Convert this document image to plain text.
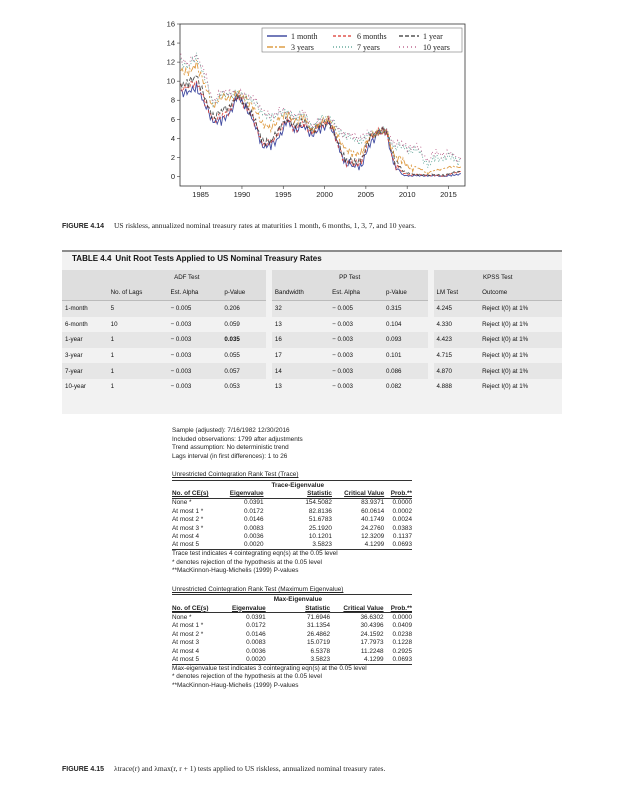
0
2
4
6
8
10
12
14
16
1985	1990	1995	2000	2005	2010	2015
1 month	6 months	1 year
3 years	7 years	10 years
FIGURE 4.14 US riskless, annualized nominal treasury rates at maturities 1 month, 6 months, 1, 3, 7, and 10 years.
TABLE 4.4 Unit Root Tests Applied to US Nominal Treasury Rates
	ADF Test			PP Test			KPSS Test	
	No. of Lags	Est. Alpha	p-Value	Bandwidth	Est. Alpha	p-Value	LM Test	Outcome
1-month	5	− 0.005	0.206	32	− 0.005	0.315	4.245	Reject I(0) at 1%
6-month	10	− 0.003	0.059	13	− 0.003	0.104	4.330	Reject I(0) at 1%
1-year	1	− 0.003	0.035	16	− 0.003	0.093	4.423	Reject I(0) at 1%
3-year	1	− 0.003	0.055	17	− 0.003	0.101	4.715	Reject I(0) at 1%
7-year	1	− 0.003	0.057	14	− 0.003	0.086	4.870	Reject I(0) at 1%
10-year	1	− 0.003	0.053	13	− 0.003	0.082	4.888	Reject I(0) at 1%
Sample (adjusted): 7/16/1982 12/30/2016
Included observations: 1799 after adjustments
Trend assumption: No deterministic trend
Lags interval (in first differences): 1 to 26
Unrestricted Cointegration Rank Test (Trace)
		Trace-Eigenvalue		
No. of CE(s)	Eigenvalue	Statistic	Critical Value	Prob.**
None *	0.0391	154.5082	83.9371	0.0000
At most 1 *	0.0172	82.8136	60.0614	0.0002
At most 2 *	0.0146	51.6783	40.1749	0.0024
At most 3 *	0.0083	25.1920	24.2760	0.0383
At most 4	0.0036	10.1201	12.3209	0.1137
At most 5	0.0020	3.5823	4.1299	0.0693
Trace test indicates 4 cointegrating eqn(s) at the 0.05 level
* denotes rejection of the hypothesis at the 0.05 level
**MacKinnon-Haug-Michelis (1999) P-values
Unrestricted Cointegration Rank Test (Maximum Eigenvalue)
		Max-Eigenvalue		
No. of CE(s)	Eigenvalue	Statistic	Critical Value	Prob.**
None *	0.0391	71.6946	36.6302	0.0000
At most 1 *	0.0172	31.1354	30.4396	0.0409
At most 2 *	0.0146	26.4862	24.1592	0.0238
At most 3	0.0083	15.0719	17.7973	0.1228
At most 4	0.0036	6.5378	11.2248	0.2925
At most 5	0.0020	3.5823	4.1299	0.0693
Max-eigenvalue test indicates 3 cointegrating eqn(s) at the 0.05 level
* denotes rejection of the hypothesis at the 0.05 level
**MacKinnon-Haug-Michelis (1999) P-values
FIGURE 4.15 λtrace(r) and λmax(r, r + 1) tests applied to US riskless, annualized nominal treasury rates.
